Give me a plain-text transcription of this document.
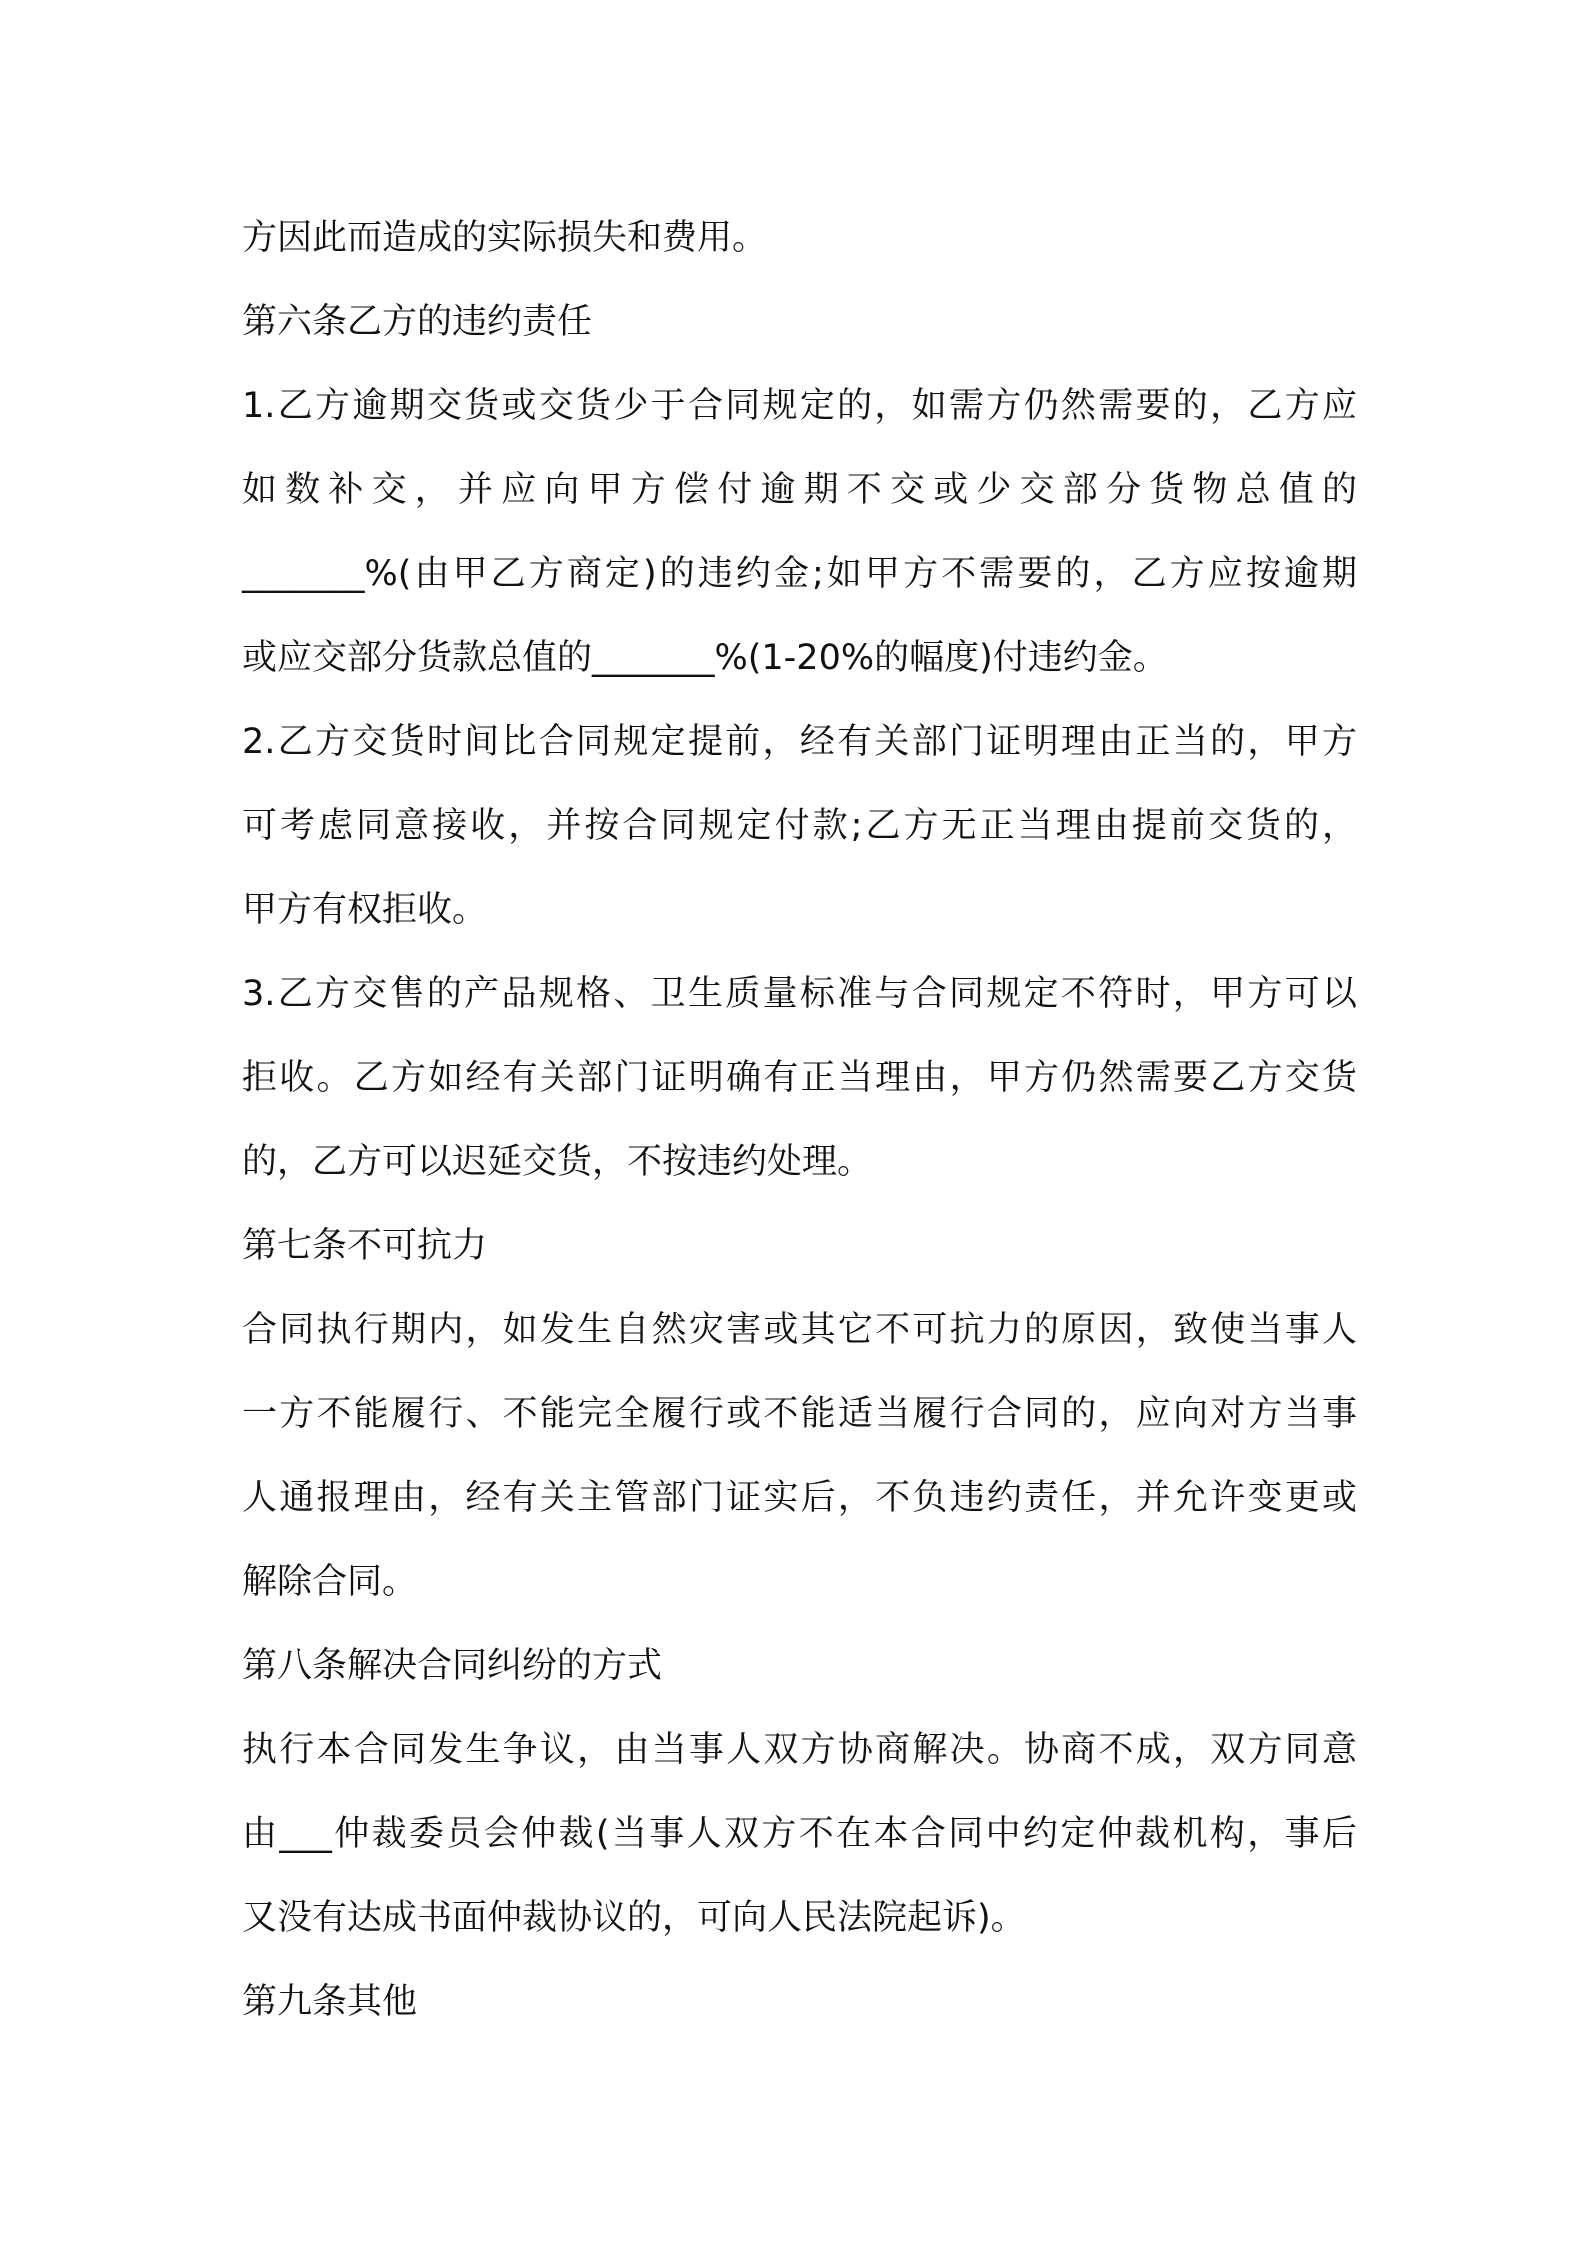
方因此而造成的实际损失和费用。
第六条乙方的违约责任
1.乙方逾期交货或交货少于合同规定的，如需方仍然需要的，乙方应
如数补交，并应向甲方偿付逾期不交或少交部分货物总值的
_______%(由甲乙方商定)的违约金;如甲方不需要的，乙方应按逾期
或应交部分货款总值的_______%(1-20%的幅度)付违约金。
2.乙方交货时间比合同规定提前，经有关部门证明理由正当的，甲方
可考虑同意接收，并按合同规定付款;乙方无正当理由提前交货的，
甲方有权拒收。
3.乙方交售的产品规格、卫生质量标准与合同规定不符时，甲方可以
拒收。乙方如经有关部门证明确有正当理由，甲方仍然需要乙方交货
的，乙方可以迟延交货，不按违约处理。
第七条不可抗力
合同执行期内，如发生自然灾害或其它不可抗力的原因，致使当事人
一方不能履行、不能完全履行或不能适当履行合同的，应向对方当事
人通报理由，经有关主管部门证实后，不负违约责任，并允许变更或
解除合同。
第八条解决合同纠纷的方式
执行本合同发生争议，由当事人双方协商解决。协商不成，双方同意
由___仲裁委员会仲裁(当事人双方不在本合同中约定仲裁机构，事后
又没有达成书面仲裁协议的，可向人民法院起诉)。
第九条其他
